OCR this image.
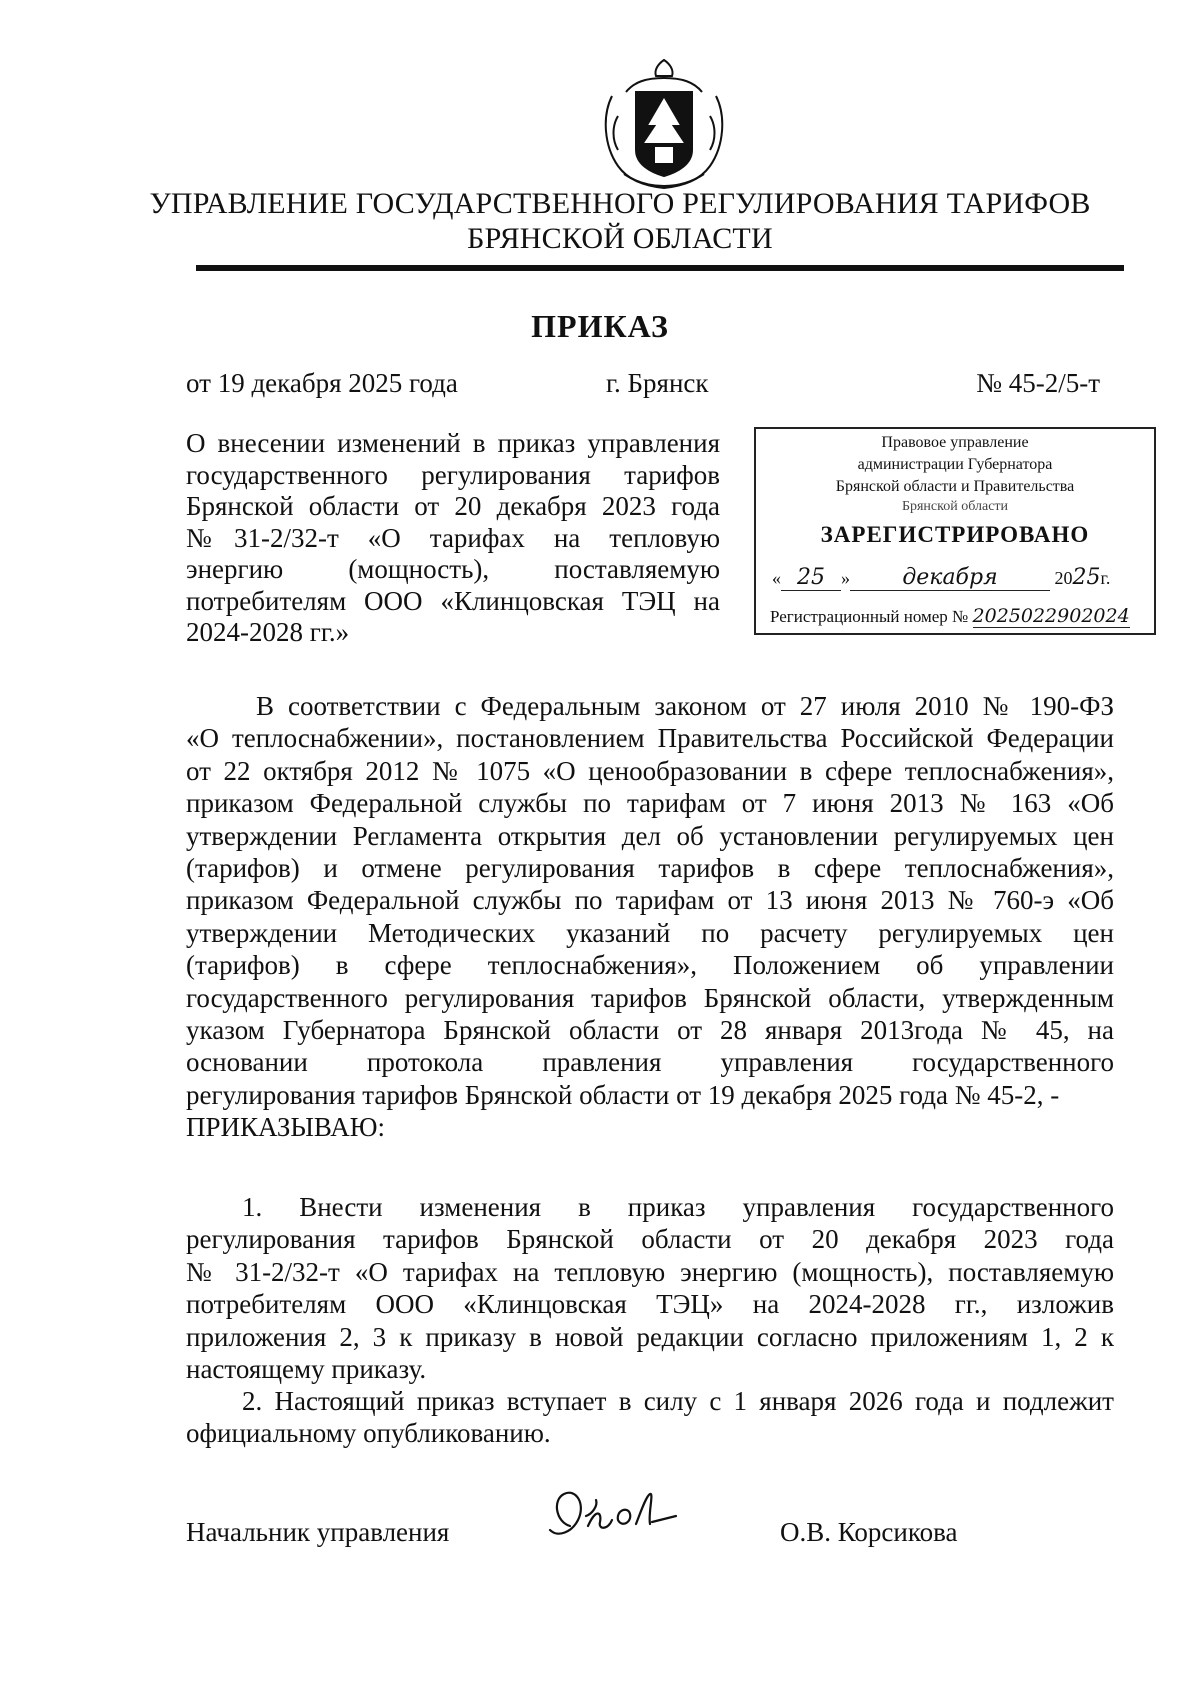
УПРАВЛЕНИЕ ГОСУДАРСТВЕННОГО РЕГУЛИРОВАНИЯ ТАРИФОВ
БРЯНСКОЙ ОБЛАСТИ
ПРИКАЗ
от 19 декабря 2025 года	г. Брянск	№ 45-2/5-т
О внесении изменений в приказ управления
государственного регулирования тарифов
Брянской области от 20 декабря 2023 года
№31-2/32-т «О тарифах на тепловую
энергию (мощность), поставляемую
потребителям ООО «Клинцовская ТЭЦ на
2024-2028 гг.»
Правовое управление
администрации Губернатора
Брянской области и Правительства
Брянской области
ЗАРЕГИСТРИРОВАНО
« 25 » декабря	2025г.
Регистрационный номер № 2025022902024
В соответствии с Федеральным законом от 27 июля 2010 № 190-ФЗ
«О теплоснабжении», постановлением Правительства Российской Федерации
от 22 октября 2012 № 1075 «О ценообразовании в сфере теплоснабжения»,
приказом Федеральной службы по тарифам от 7 июня 2013 № 163 «Об
утверждении Регламента открытия дел об установлении регулируемых цен
(тарифов) и отмене регулирования тарифов в сфере теплоснабжения»,
приказом Федеральной службы по тарифам от 13 июня 2013 № 760-э «Об
утверждении Методических указаний по расчету регулируемых цен
(тарифов) в сфере теплоснабжения», Положением об управлении
государственного регулирования тарифов Брянской области, утвержденным
указом Губернатора Брянской области от 28 января 2013года № 45, на
основании протокола правления управления государственного
регулирования тарифов Брянской области от 19 декабря 2025 года № 45-2, -
ПРИКАЗЫВАЮ:
1. Внести изменения в приказ управления государственного
регулирования тарифов Брянской области от 20 декабря 2023 года
№ 31-2/32-т «О тарифах на тепловую энергию (мощность), поставляемую
потребителям ООО «Клинцовская ТЭЦ» на 2024-2028 гг., изложив
приложения 2, 3 к приказу в новой редакции согласно приложениям 1, 2 к
настоящему приказу.
2. Настоящий приказ вступает в силу с 1 января 2026 года и подлежит
официальному опубликованию.
Начальник управления	О.В. Корсикова
